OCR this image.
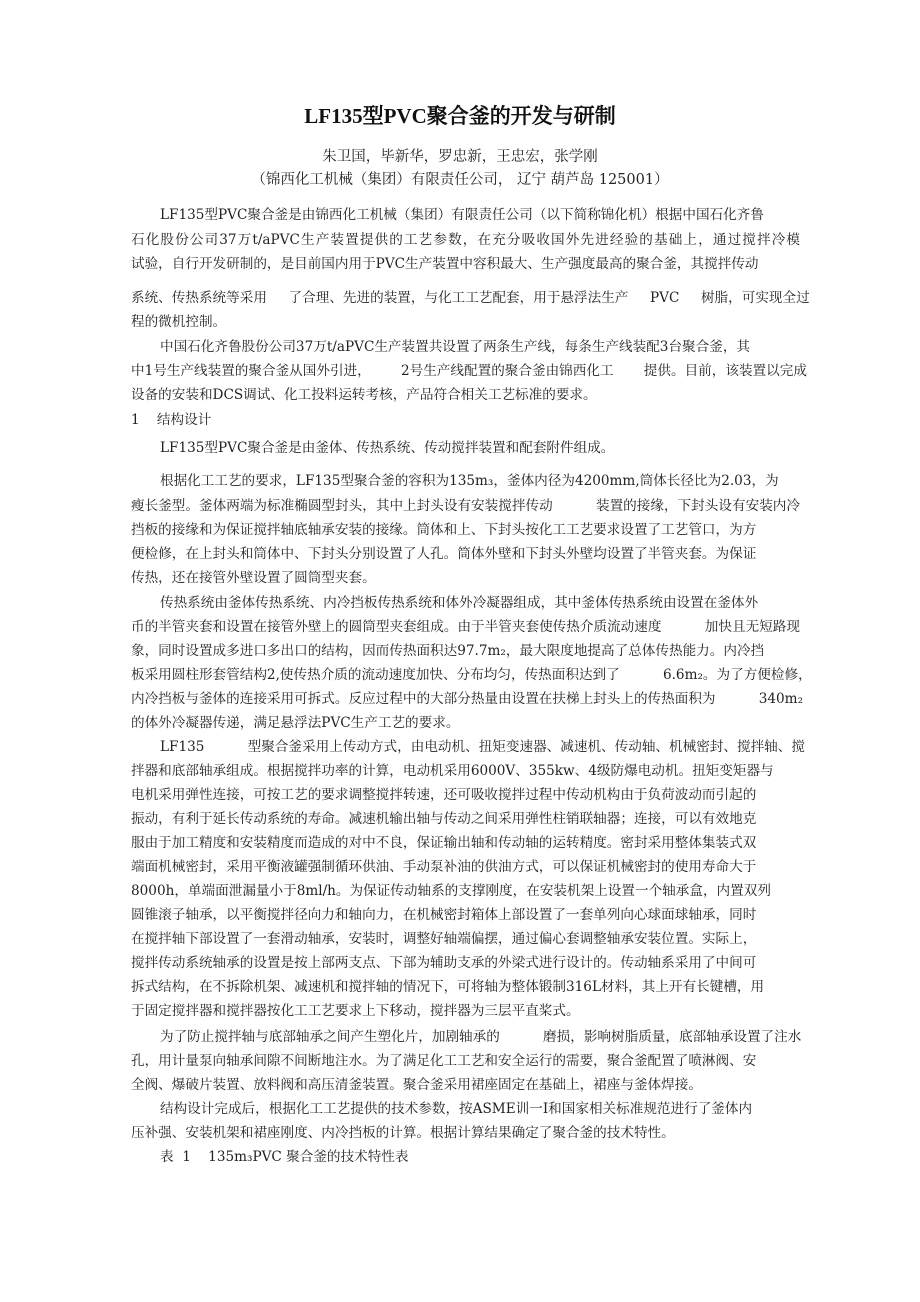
LF135型PVC聚合釜的开发与研制
朱卫国，毕新华，罗忠新，王忠宏，张学刚
（锦西化工机械（集团）有限责任公司， 辽宁 葫芦岛 125001）
LF135型PVC聚合釜是由锦西化工机械（集团）有限责任公司（以下简称锦化机）根据中国石化齐鲁
石化股份公司37万t/aPVC生产装置提供的工艺参数，在充分吸收国外先进经验的基础上，通过搅拌冷模
试验，自行开发研制的，是目前国内用于PVC生产装置中容积最大、生产强度最高的聚合釜，其搅拌传动
系统、传热系统等采用     了合理、先进的装置，与化工工艺配套，用于悬浮法生产     PVC     树脂，可实现全过
程的微机控制。
中国石化齐鲁股份公司37万t/aPVC生产装置共设置了两条生产线，每条生产线装配3台聚合釜，其
中1号生产线装置的聚合釜从国外引进，       2号生产线配置的聚合釜由锦西化工       提供。目前，该装置以完成
设备的安装和DCS调试、化工投料运转考核，产品符合相关工艺标准的要求。
1    结构设计
LF135型PVC聚合釜是由釜体、传热系统、传动搅拌装置和配套附件组成。
根据化工工艺的要求，LF135型聚合釜的容积为135m₃，釜体内径为4200mm,筒体长径比为2.03，为
瘦长釜型。釜体两端为标准椭圆型封头，其中上封头设有安装搅拌传动          装置的接缘，下封头设有安装内冷
挡板的接缘和为保证搅拌轴底轴承安装的接缘。筒体和上、下封头按化工工艺要求设置了工艺管口，为方
便检修，在上封头和筒体中、下封头分别设置了人孔。筒体外壁和下封头外壁均设置了半管夹套。为保证
传热，还在接管外壁设置了圆筒型夹套。
传热系统由釜体传热系统、内冷挡板传热系统和体外冷凝器组成，其中釜体传热系统由设置在釜体外
币的半管夹套和设置在接管外壁上的圆筒型夹套组成。由于半管夹套使传热介质流动速度          加快且无短路现
象，同时设置成多进口多出口的结构，因而传热面积达97.7m₂，最大限度地提高了总体传热能力。内冷挡
板采用圆柱形套管结构2,使传热介质的流动速度加快、分布均匀，传热面积达到了          6.6m₂。为了方便检修，
内冷挡板与釜体的连接采用可拆式。反应过程中的大部分热量由设置在扶梯上封头上的传热面积为          340m₂
的体外冷凝器传递，满足悬浮法PVC生产工艺的要求。
LF135          型聚合釜采用上传动方式，由电动机、扭矩变速器、减速机、传动轴、机械密封、搅拌轴、搅
拌器和底部轴承组成。根据搅拌功率的计算，电动机采用6000V、355kw、4级防爆电动机。扭矩变矩器与
电机采用弹性连接，可按工艺的要求调整搅拌转速，还可吸收搅拌过程中传动机构由于负荷波动而引起的
振动，有利于延长传动系统的寿命。减速机输出轴与传动之间采用弹性柱销联轴器；连接，可以有效地克
服由于加工精度和安装精度而造成的对中不良，保证输出轴和传动轴的运转精度。密封采用整体集装式双
端面机械密封，采用平衡液罐强制循环供油、手动泵补油的供油方式，可以保证机械密封的使用寿命大于
8000h，单端面泄漏量小于8ml/h。为保证传动轴系的支撑刚度，在安装机架上设置一个轴承盒，内置双列
圆锥滚子轴承，以平衡搅拌径向力和轴向力，在机械密封箱体上部设置了一套单列向心球面球轴承，同时
在搅拌轴下部设置了一套滑动轴承，安装时，调整好轴端偏摆，通过偏心套调整轴承安装位置。实际上，
搅拌传动系统轴承的设置是按上部两支点、下部为辅助支承的外梁式进行设计的。传动轴系采用了中间可
拆式结构，在不拆除机架、减速机和搅拌轴的情况下，可将轴为整体锻制316L材料，其上开有长键槽，用
于固定搅拌器和搅拌器按化工工艺要求上下移动，搅拌器为三层平直桨式。
为了防止搅拌轴与底部轴承之间产生塑化片，加剧轴承的          磨损，影响树脂质量，底部轴承设置了注水
孔，用计量泵向轴承间隙不间断地注水。为了满足化工工艺和安全运行的需要，聚合釜配置了喷淋阀、安
全阀、爆破片装置、放料阀和高压清釜装置。聚合釜采用裙座固定在基础上，裙座与釜体焊接。
结构设计完成后，根据化工工艺提供的技术参数，按ASME训一I和国家相关标准规范进行了釜体内
压补强、安装机架和裙座刚度、内冷挡板的计算。根据计算结果确定了聚合釜的技术特性。
表  1    135m₃PVC 聚合釜的技术特性表
